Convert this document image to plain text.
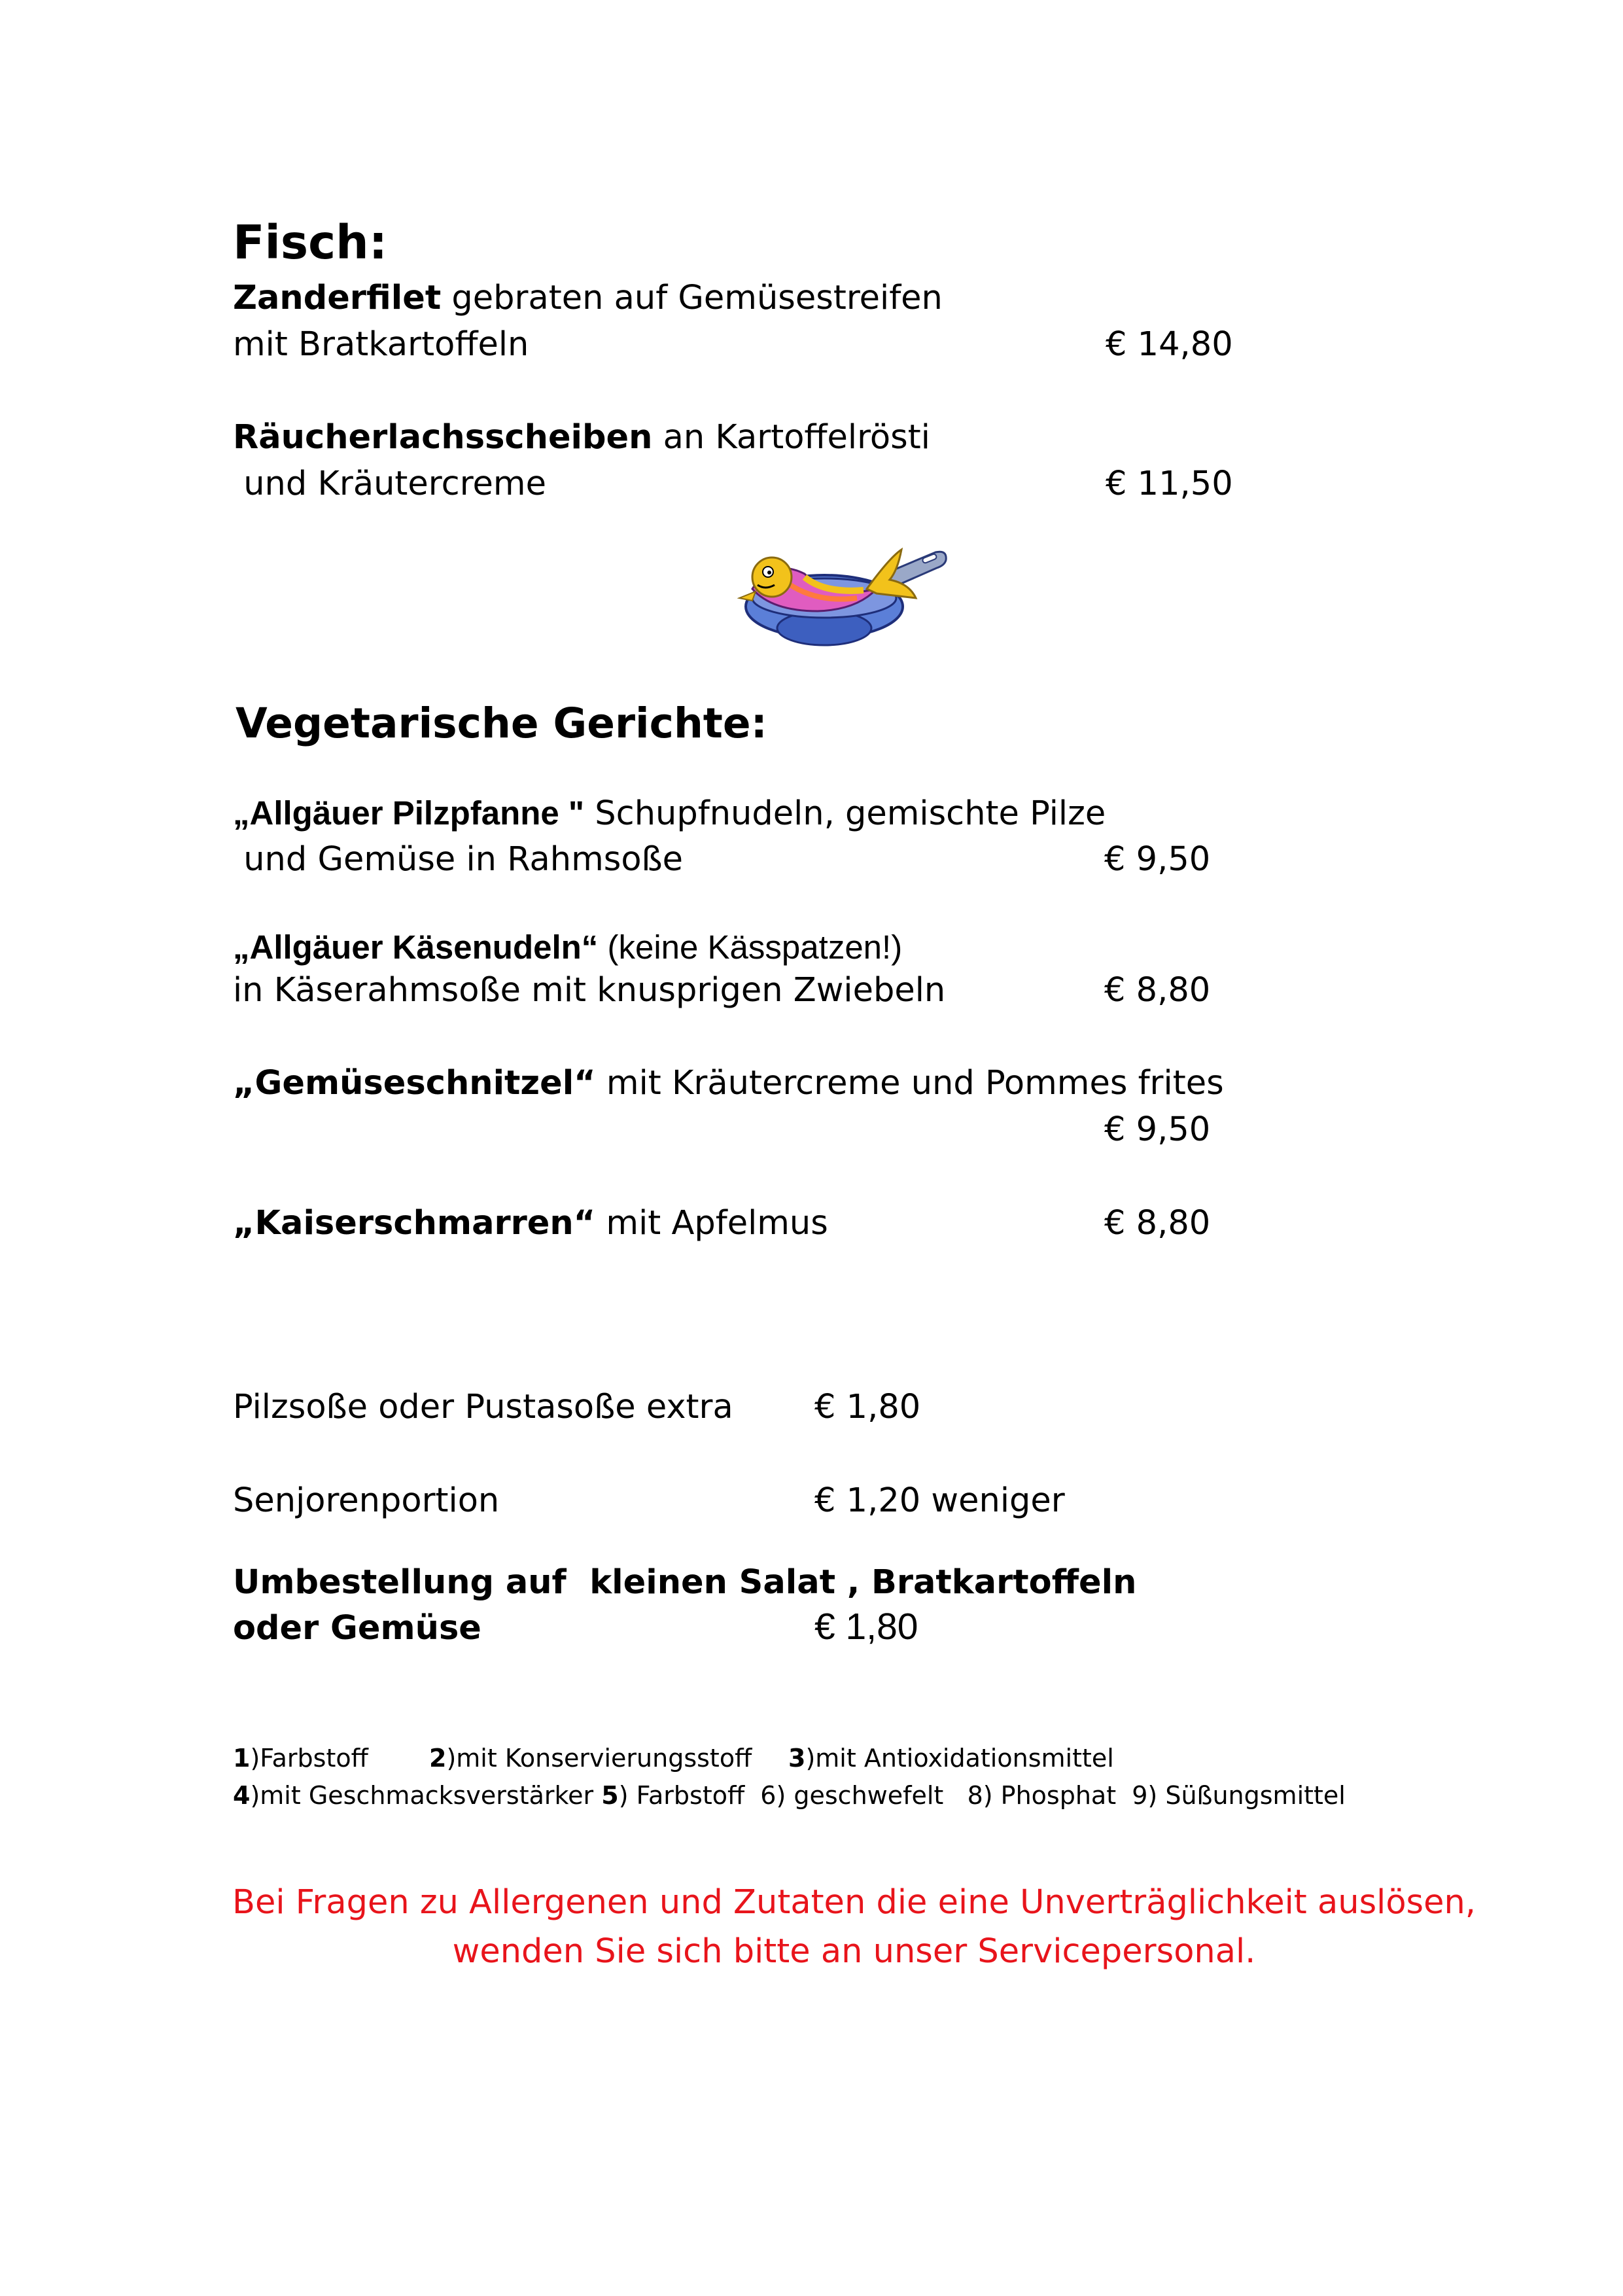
Fisch:
Zanderfilet gebraten auf Gemüsestreifen
mit Bratkartoffeln	€ 14,80
Räucherlachsscheiben an Kartoffelrösti
und Kräutercreme	€ 11,50
Vegetarische Gerichte:
„Allgäuer Pilzpfanne " Schupfnudeln, gemischte Pilze
und Gemüse in Rahmsoße	€ 9,50
„Allgäuer Käsenudeln“ (keine Kässpatzen!)
in Käserahmsoße mit knusprigen Zwiebeln	€ 8,80
„Gemüseschnitzel“ mit Kräutercreme und Pommes frites
€ 9,50
„Kaiserschmarren“ mit Apfelmus	€ 8,80
Pilzsoße oder Pustasoße extra € 1,80
Senjorenportion	€ 1,20 weniger
Umbestellung auf  kleinen Salat , Bratkartoffeln
oder Gemüse	€ 1,80
1)Farbstoff 2)mit Konservierungsstoff 3)mit Antioxidationsmittel
4)mit Geschmacksverstärker 5) Farbstoff  6) geschwefelt   8) Phosphat  9) Süßungsmittel
Bei Fragen zu Allergenen und Zutaten die eine Unverträglichkeit auslösen,
wenden Sie sich bitte an unser Servicepersonal.
